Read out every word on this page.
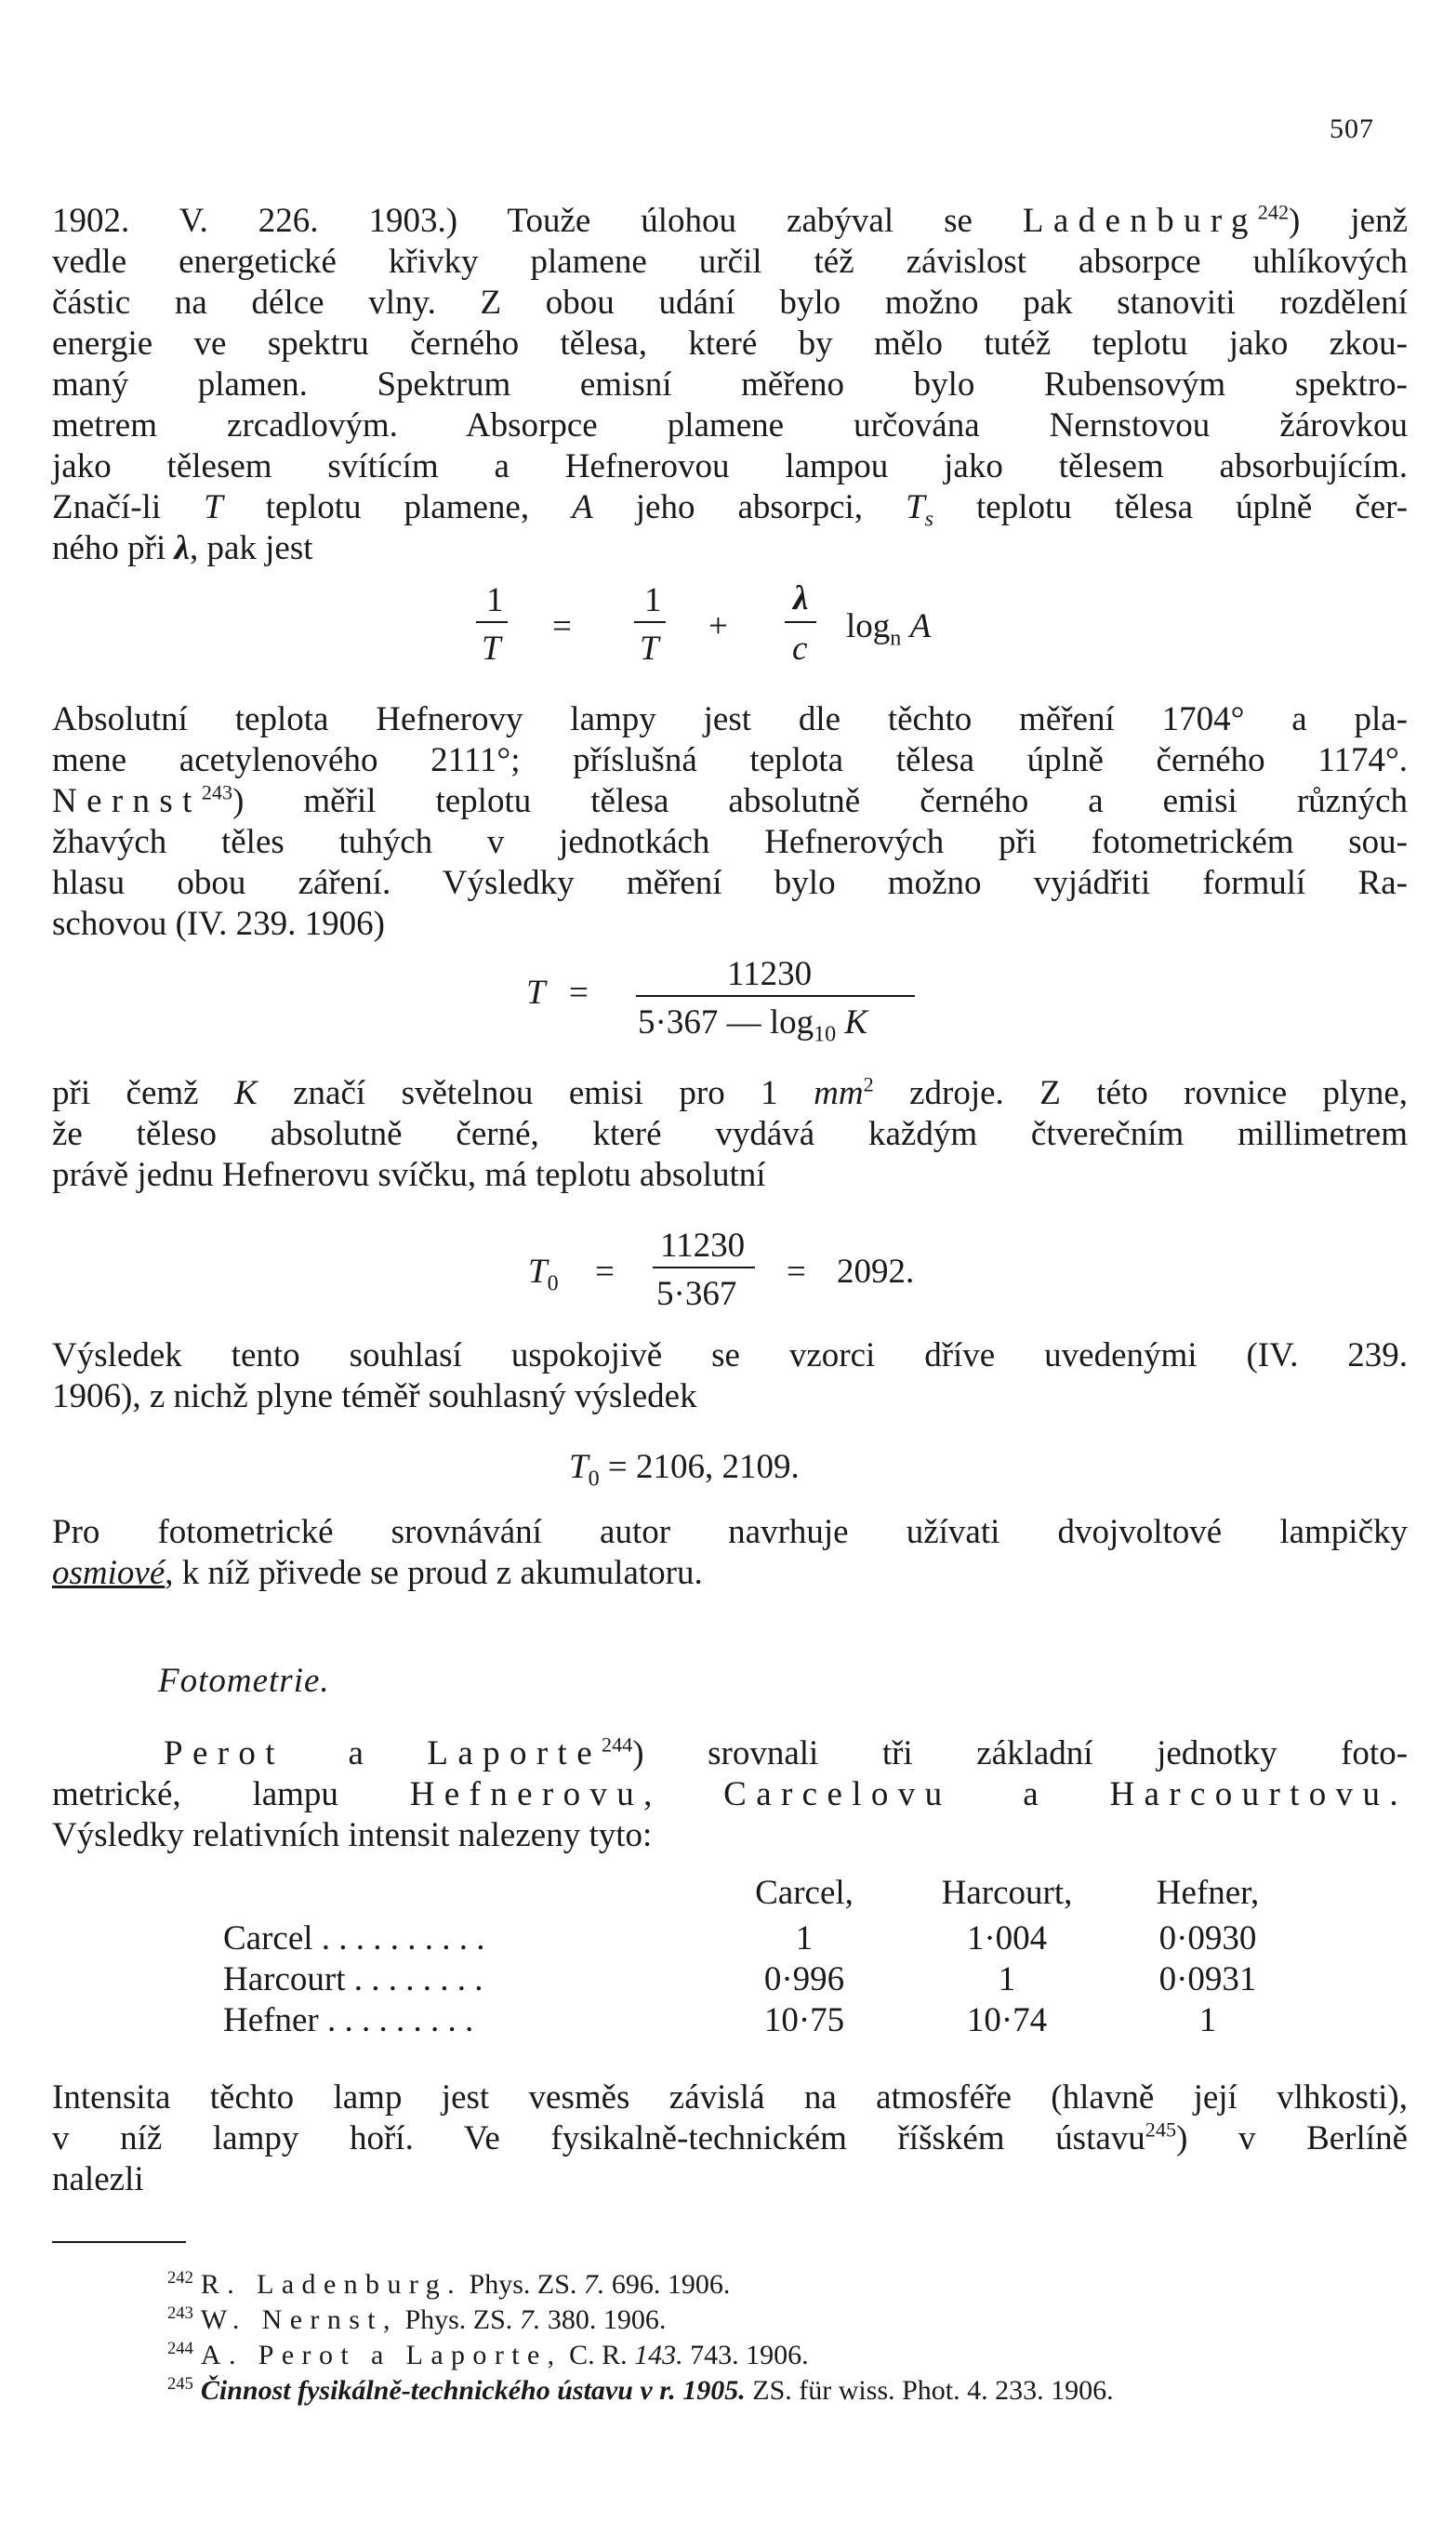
507
1902. V. 226. 1903.) Touže úlohou zabýval se Ladenburg$^{242}$) jenž
vedle energetické křivky plamene určil též závislost absorpce uhlíkových
částic na délce vlny. Z obou udání bylo možno pak stanoviti rozdělení
energie ve spektru černého tělesa, které by mělo tutéž teplotu jako zkou-
maný plamen. Spektrum emisní měřeno bylo Rubensovým spektro-
metrem zrcadlovým. Absorpce plamene určována Nernstovou žárovkou
jako tělesem svítícím a Hefnerovou lampou jako tělesem absorbujícím.
Značí-li T teplotu plamene, A jeho absorpci, $T_s$ teplotu tělesa úplně čer-
ného při λ, pak jest
1
T
=
1
T
+
λ
c
$\log_n A$
Absolutní teplota Hefnerovy lampy jest dle těchto měření 1704° a pla-
mene acetylenového 2111°; příslušná teplota tělesa úplně černého 1174°.
Nernst$^{243}$) měřil teplotu tělesa absolutně černého a emisi různých
žhavých těles tuhých v jednotkách Hefnerových při fotometrickém sou-
hlasu obou záření. Výsledky měření bylo možno vyjádřiti formulí Ra-
schovou (IV. 239. 1906)
T =	11230
5·367 — $\log_{10} K$
při čemž K značí světelnou emisi pro 1 $mm^2$ zdroje. Z této rovnice plyne,
že těleso absolutně černé, které vydává každým čtverečním millimetrem
právě jednu Hefnerovu svíčku, má teplotu absolutní
$T_0$ =
11230
5·367
= 2092.
Výsledek tento souhlasí uspokojivě se vzorci dříve uvedenými (IV. 239.
1906), z nichž plyne téměř souhlasný výsledek
$T_0 = 2106$, 2109.
Pro fotometrické srovnávání autor navrhuje užívati dvojvoltové lampičky
osmiové, k níž přivede se proud z akumulatoru.
Fotometrie.
Perot a Laporte$^{244}$) srovnali tři základní jednotky foto-
metrické, lampu Hefnerovu, Carcelovu a Harcourtovu.
Výsledky relativních intensit nalezeny tyto:
	Carcel,	Harcourt,	Hefner,
Carcel . . . . . . . . . .	1	1·004	0·0930
Harcourt . . . . . . . .	0·996	1	0·0931
Hefner . . . . . . . . .	10·75	10·74	1
Intensita těchto lamp jest vesměs závislá na atmosféře (hlavně její vlhkosti),
v níž lampy hoří. Ve fysikalně-technickém říšském ústavu$^{245}$) v Berlíně
nalezli
$^{242}$ R. Ladenburg. Phys. ZS. 7. 696. 1906.
$^{243}$ W. Nernst, Phys. ZS. 7. 380. 1906.
$^{244}$ A. Perot a Laporte, C. R. 143. 743. 1906.
$^{245}$ Činnost fysikálně-technického ústavu v r. 1905. ZS. für wiss. Phot. 4. 233. 1906.
